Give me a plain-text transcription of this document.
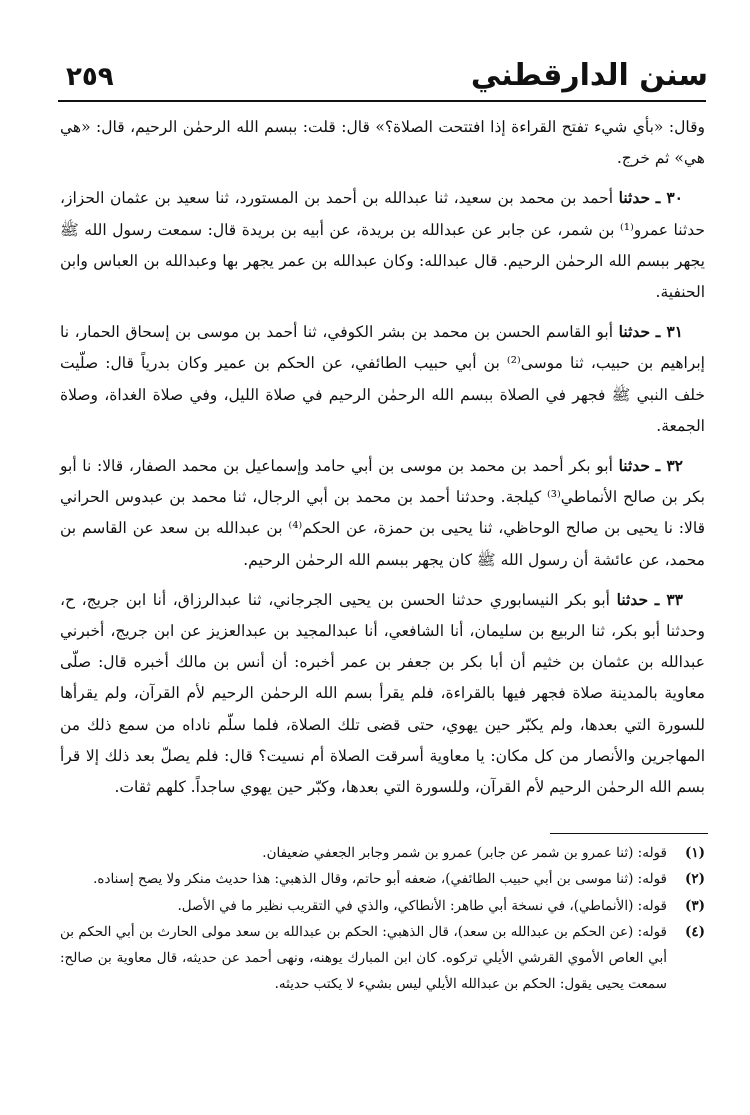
٢٥٩	سنن الدارقطني

وقال: «بأي شيء تفتح القراءة إذا افتتحت الصلاة؟» قال: قلت: ببسم الله الرحمٰن الرحيم، قال: «هي هي» ثم خرج.

٣٠ ـ حدثنا أحمد بن محمد بن سعيد، ثنا عبدالله بن أحمد بن المستورد، ثنا سعيد بن عثمان الحزاز، حدثنا عمرو⁽¹⁾ بن شمر، عن جابر عن عبدالله بن بريدة، عن أبيه بن بريدة قال: سمعت رسول الله ﷺ يجهر ببسم الله الرحمٰن الرحيم. قال عبدالله: وكان عبدالله بن عمر يجهر بها وعبدالله بن العباس وابن الحنفية.

٣١ ـ حدثنا أبو القاسم الحسن بن محمد بن بشر الكوفي، ثنا أحمد بن موسى بن إسحاق الحمار، نا إبراهيم بن حبيب، ثنا موسى⁽²⁾ بن أبي حبيب الطائفي، عن الحكم بن عمير وكان بدرياً قال: صلّيت خلف النبي ﷺ فجهر في الصلاة ببسم الله الرحمٰن الرحيم في صلاة الليل، وفي صلاة الغداة، وصلاة الجمعة.

٣٢ ـ حدثنا أبو بكر أحمد بن محمد بن موسى بن أبي حامد وإسماعيل بن محمد الصفار، قالا: نا أبو بكر بن صالح الأنماطي⁽³⁾ كيلجة. وحدثنا أحمد بن محمد بن أبي الرجال، ثنا محمد بن عبدوس الحراني قالا: نا يحيى بن صالح الوحاظي، ثنا يحيى بن حمزة، عن الحكم⁽⁴⁾ بن عبدالله بن سعد عن القاسم بن محمد، عن عائشة أن رسول الله ﷺ كان يجهر ببسم الله الرحمٰن الرحيم.

٣٣ ـ حدثنا أبو بكر النيسابوري حدثنا الحسن بن يحيى الجرجاني، ثنا عبدالرزاق، أنا ابن جريج، ح، وحدثنا أبو بكر، ثنا الربيع بن سليمان، أنا الشافعي، أنا عبدالمجيد بن عبدالعزيز عن ابن جريج، أخبرني عبدالله بن عثمان بن خثيم أن أبا بكر بن جعفر بن عمر أخبره: أن أنس بن مالك أخبره قال: صلّى معاوية بالمدينة صلاة فجهر فيها بالقراءة، فلم يقرأ بسم الله الرحمٰن الرحيم لأم القرآن، ولم يقرأها للسورة التي بعدها، ولم يكبّر حين يهوي، حتى قضى تلك الصلاة، فلما سلّم ناداه من سمع ذلك من المهاجرين والأنصار من كل مكان: يا معاوية أسرقت الصلاة أم نسيت؟ قال: فلم يصلّ بعد ذلك إلا قرأ بسم الله الرحمٰن الرحيم لأم القرآن، وللسورة التي بعدها، وكبّر حين يهوي ساجداً. كلهم ثقات.

(١)
قوله: (ثنا عمرو بن شمر عن جابر) عمرو بن شمر وجابر الجعفي ضعيفان.
(٢)
قوله: (ثنا موسى بن أبي حبيب الطائفي)، ضعفه أبو حاتم، وقال الذهبي: هذا حديث منكر ولا يصح إسناده.
(٣)
قوله: (الأنماطي)، في نسخة أبي طاهر: الأنطاكي، والذي في التقريب نظير ما في الأصل.
(٤)
قوله: (عن الحكم بن عبدالله بن سعد)، قال الذهبي: الحكم بن عبدالله بن سعد مولى الحارث بن أبي الحكم بن أبي العاص الأموي القرشي الأيلي تركوه. كان ابن المبارك يوهنه، ونهى أحمد عن حديثه، قال معاوية بن صالح: سمعت يحيى يقول: الحكم بن عبدالله الأيلي ليس بشيء لا يكتب حديثه.
